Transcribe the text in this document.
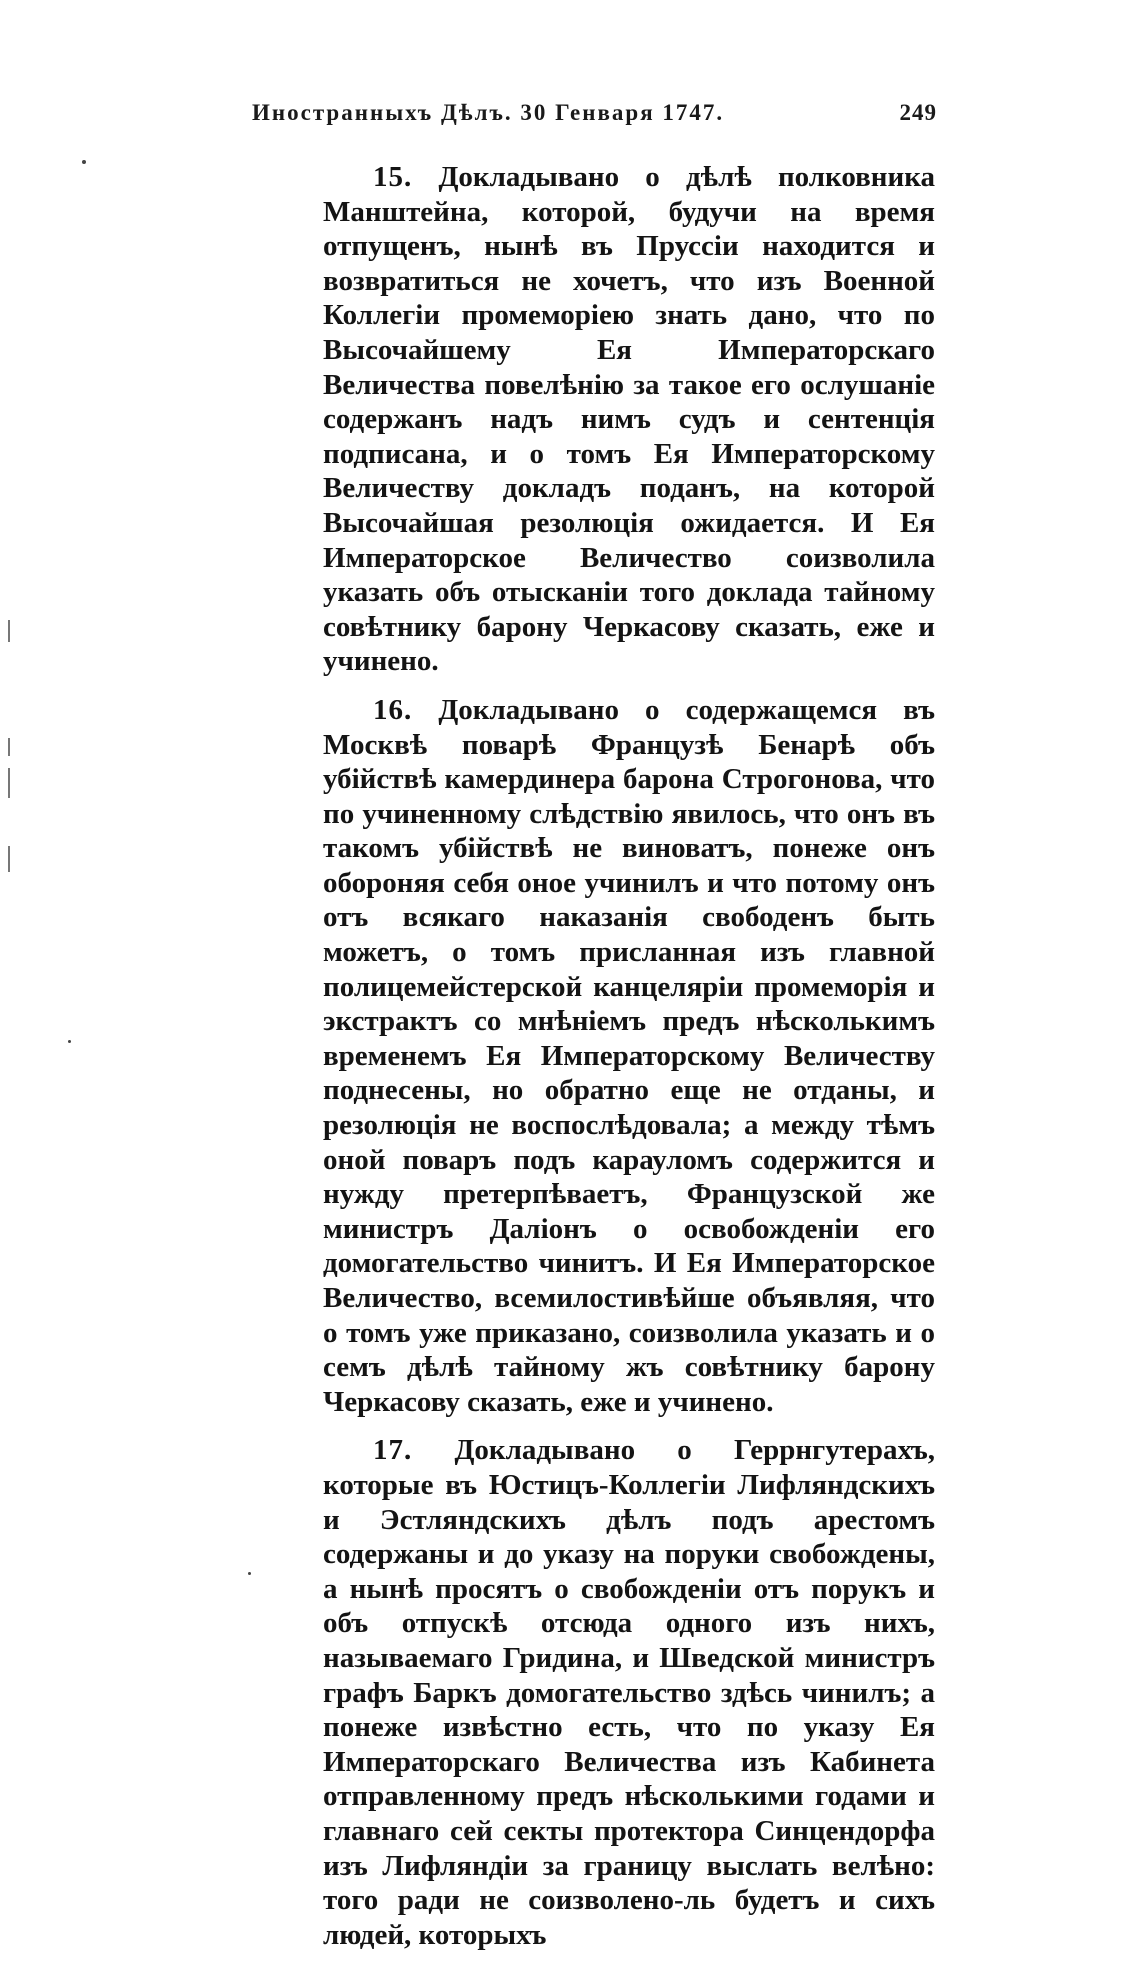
Иностранныхъ Дѣлъ. 30 Генваря 1747.	249

15. Докладывано о дѣлѣ полковника Манштейна, которой, будучи на время отпущенъ, нынѣ въ Пруссіи находится и возвратиться не хочетъ, что изъ Военной Коллегіи промеморіею знать дано, что по Высочайшему Ея Императорскаго Величества повелѣнію за такое его ослушаніе содержанъ надъ нимъ судъ и сентенція подписана, и о томъ Ея Императорскому Величеству докладъ поданъ, на которой Высочайшая резолюція ожидается. И Ея Императорское Величество соизволила указать объ отысканіи того доклада тайному совѣтнику барону Черкасову сказать, еже и учинено.

16. Докладывано о содержащемся въ Москвѣ поварѣ Французѣ Бенарѣ объ убійствѣ камердинера барона Строгонова, что по учиненному слѣдствію явилось, что онъ въ такомъ убійствѣ не виноватъ, понеже онъ обороняя себя оное учинилъ и что потому онъ отъ всякаго наказанія свободенъ быть можетъ, о томъ присланная изъ главной полицемейстерской канцеляріи промеморія и экстрактъ со мнѣніемъ предъ нѣсколькимъ временемъ Ея Императорскому Величеству поднесены, но обратно еще не отданы, и резолюція не воспослѣдовала; а между тѣмъ оной поваръ подъ карауломъ содержится и нужду претерпѣваетъ, Французской же министръ Даліонъ о освобожденіи его домогательство чинитъ. И Ея Императорское Величество, всемилостивѣйше объявляя, что о томъ уже приказано, соизволила указать и о семъ дѣлѣ тайному жъ совѣтнику барону Черкасову сказать, еже и учинено.

17. Докладывано о Геррнгутерахъ, которые въ Юстицъ-Коллегіи Лифляндскихъ и Эстляндскихъ дѣлъ подъ арестомъ содержаны и до указу на поруки свобождены, а нынѣ просятъ о свобожденіи отъ порукъ и объ отпускѣ отсюда одного изъ нихъ, называемаго Гридина, и Шведской министръ графъ Баркъ домогательство здѣсь чинилъ; а понеже извѣстно есть, что по указу Ея Императорскаго Величества изъ Кабинета отправленному предъ нѣсколькими годами и главнаго сей секты протектора Синцендорфа изъ Лифляндіи за границу выслать велѣно: того ради не соизволено-ль будетъ и сихъ людей, которыхъ
